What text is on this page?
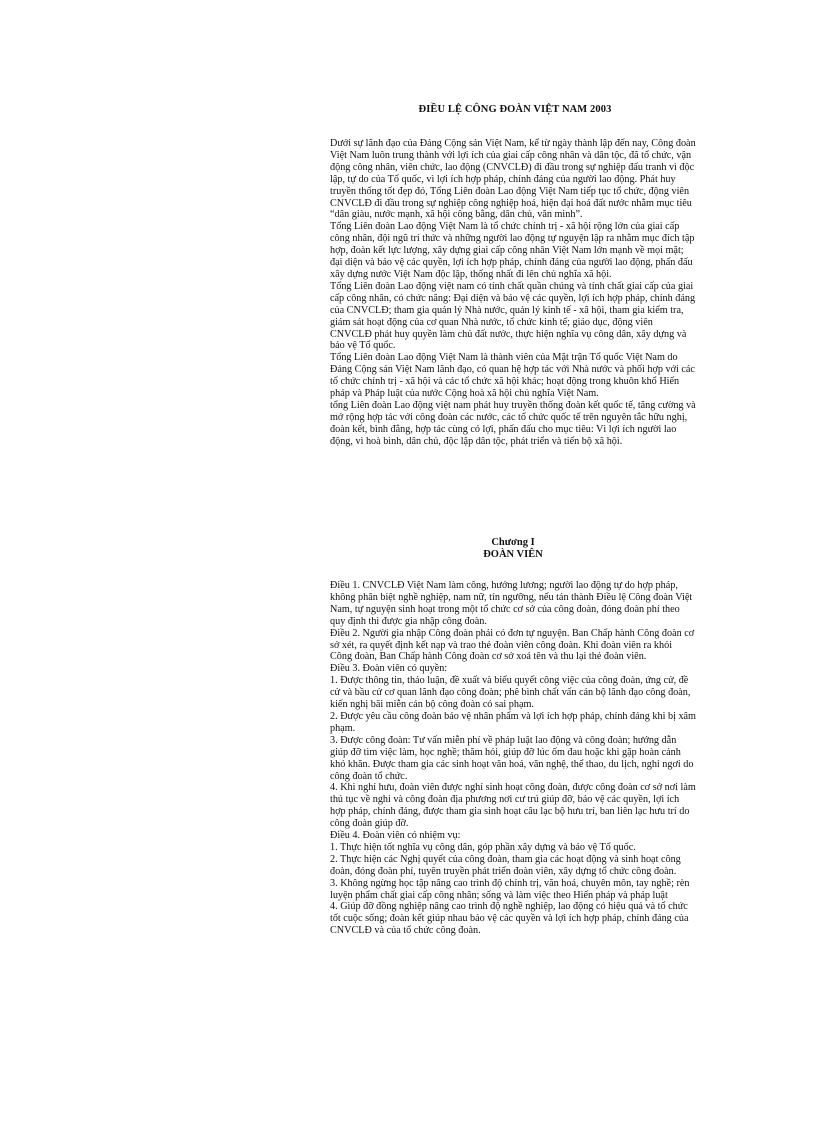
ĐIỀU LỆ CÔNG ĐOÀN VIỆT NAM 2003

Dưới sự lãnh đạo của Đảng Cộng sản Việt Nam, kể từ ngày thành lập đến nay, Công đoàn Việt Nam luôn trung thành với lợi ích của giai cấp công nhân và dân tộc, đã tổ chức, vận động công nhân, viên chức, lao động (CNVCLĐ) đi đầu trong sự nghiệp đấu tranh vì độc lập, tự do của Tổ quốc, vì lợi ích hợp pháp, chính đáng của người lao động. Phát huy truyền thống tốt đẹp đó, Tổng Liên đoàn Lao động Việt Nam tiếp tục tổ chức, động viên CNVCLĐ đi đầu trong sự nghiệp công nghiệp hoá, hiện đại hoá đất nước nhằm mục tiêu “dân giàu, nước mạnh, xã hội công bằng, dân chủ, văn minh”.

Tổng Liên đoàn Lao động Việt Nam là tổ chức chính trị - xã hội rộng lớn của giai cấp công nhân, đội ngũ trí thức và những người lao động tự nguyện lập ra nhằm mục đích tập hợp, đoàn kết lực lượng, xây dựng giai cấp công nhân Việt Nam lớn mạnh về mọi mặt; đại diện và bảo vệ các quyền, lợi ích hợp pháp, chính đáng của người lao động, phấn đấu xây dựng nước Việt Nam độc lập, thống nhất đi lên chủ nghĩa xã hội.

Tổng Liên đoàn Lao động việt nam có tính chất quần chúng và tính chất giai cấp của giai cấp công nhân, có chức năng: Đại diện và bảo vệ các quyền, lợi ích hợp pháp, chính đáng của CNVCLĐ; tham gia quản lý Nhà nước, quản lý kinh tế - xã hội, tham gia kiểm tra, giám sát hoạt động của cơ quan Nhà nước, tổ chức kinh tế; giáo dục, động viên CNVCLĐ phát huy quyền làm chủ đất nước, thực hiện nghĩa vụ công dân, xây dựng và bảo vệ Tổ quốc.

Tổng Liên đoàn Lao động Việt Nam là thành viên của Mặt trận Tổ quốc Việt Nam do Đảng Cộng sản Việt Nam lãnh đạo, có quan hệ hợp tác với Nhà nước và phối hợp với các tổ chức chính trị - xã hội và các tổ chức xã hội khác; hoạt động trong khuôn khổ Hiến pháp và Pháp luật của nước Cộng hoà xã hội chủ nghĩa Việt Nam.

tổng Liên đoàn Lao động việt nam phát huy truyền thống đoàn kết quốc tế, tăng cường và mở rộng hợp tác với công đoàn các nước, các tổ chức quốc tế trên nguyên tắc hữu nghị, đoàn kết, bình đẳng, hợp tác cùng có lợi, phấn đấu cho mục tiêu: Vì lợi ích người lao động, vì hoà bình, dân chủ, độc lập dân tộc, phát triển và tiến bộ xã hội.

Chương I
ĐOÀN VIÊN

Điều 1. CNVCLĐ Việt Nam làm công, hưởng lương; người lao động tự do hợp pháp, không phân biệt nghề nghiệp, nam nữ, tín ngưỡng, nếu tán thành Điều lệ Công đoàn Việt Nam, tự nguyện sinh hoạt trong một tổ chức cơ sở của công đoàn, đóng đoàn phí theo quy định thì được gia nhập công đoàn.

Điều 2. Người gia nhập Công đoàn phải có đơn tự nguyện. Ban Chấp hành Công đoàn cơ sở xét, ra quyết định kết nạp và trao thẻ đoàn viên công đoàn. Khi đoàn viên ra khỏi Công đoàn, Ban Chấp hành Công đoàn cơ sở xoá tên và thu lại thẻ đoàn viên.

Điều 3. Đoàn viên có quyền:

1. Được thông tin, thảo luận, đề xuất và biểu quyết công việc của công đoàn, ứng cử, đề cử và bầu cử cơ quan lãnh đạo công đoàn; phê bình chất vấn cán bộ lãnh đạo công đoàn, kiến nghị bãi miễn cán bộ công đoàn có sai phạm.

2. Được yêu cầu công đoàn bảo vệ nhân phẩm và lợi ích hợp pháp, chính đáng khi bị xâm phạm.

3. Được công đoàn: Tư vấn miễn phí về pháp luật lao động và công đoàn; hướng dẫn giúp đỡ tìm việc làm, học nghề; thăm hỏi, giúp đỡ lúc ốm đau hoặc khi gặp hoàn cảnh khó khăn. Được tham gia các sinh hoạt văn hoá, văn nghệ, thể thao, du lịch, nghỉ ngơi do công đoàn tổ chức.

4. Khi nghỉ hưu, đoàn viên được nghỉ sinh hoạt công đoàn, được công đoàn cơ sở nơi làm thủ tục về nghỉ và công đoàn địa phương nơi cư trú giúp đỡ, bảo vệ các quyền, lợi ích hợp pháp, chính đáng, được tham gia sinh hoạt câu lạc bộ hưu trí, ban liên lạc hưu trí do công đoàn giúp đỡ.

Điều 4. Đoàn viên có nhiệm vụ:

1. Thực hiện tốt nghĩa vụ công dân, góp phần xây dựng và bảo vệ Tổ quốc.

2. Thực hiện các Nghị quyết của công đoàn, tham gia các hoạt động và sinh hoạt công đoàn, đóng đoàn phí, tuyên truyền phát triển đoàn viên, xây dựng tổ chức công đoàn.

3. Không ngừng học tập nâng cao trình độ chính trị, văn hoá, chuyên môn, tay nghề; rèn luyện phẩm chất giai cấp công nhân; sống và làm việc theo Hiến pháp và pháp luật

4. Giúp đỡ đồng nghiệp nâng cao trình độ nghề nghiệp, lao động có hiệu quả và tổ chức tốt cuộc sống; đoàn kết giúp nhau bảo vệ các quyền và lợi ích hợp pháp, chính đáng của CNVCLĐ và của tổ chức công đoàn.
